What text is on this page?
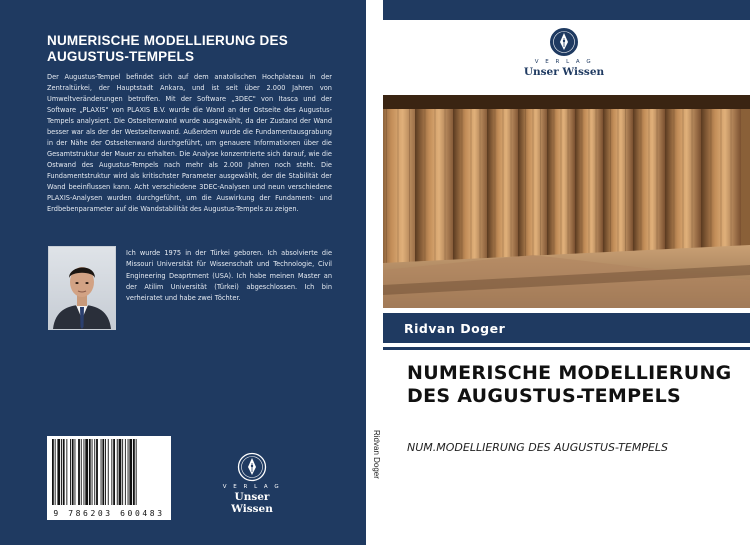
NUMERISCHE MODELLIERUNG DES AUGUSTUS-TEMPELS

Der Augustus-Tempel befindet sich auf dem anatolischen Hochplateau in der Zentraltürkei, der Hauptstadt Ankara, und ist seit über 2.000 Jahren von Umweltveränderungen betroffen. Mit der Software „3DEC" von Itasca und der Software „PLAXIS" von PLAXIS B.V. wurde die Wand an der Ostseite des Augustus-Tempels analysiert. Die Ostseitenwand wurde ausgewählt, da der Zustand der Wand besser war als der der Westseitenwand. Außerdem wurde die Fundamentausgrabung in der Nähe der Ostseitenwand durchgeführt, um genauere Informationen über die Gesamtstruktur der Mauer zu erhalten. Die Analyse konzentrierte sich darauf, wie die Ostwand des Augustus-Tempels nach mehr als 2.000 Jahren noch steht. Die Fundamentstruktur wird als kritischster Parameter ausgewählt, der die Stabilität der Wand beeinflussen kann. Acht verschiedene 3DEC-Analysen und neun verschiedene PLAXIS-Analysen wurden durchgeführt, um die Auswirkung der Fundament- und Erdbebenparameter auf die Wandstabilität des Augustus-Tempels zu zeigen.

Ich wurde 1975 in der Türkei geboren. Ich absolvierte die Missouri Universität für Wissenschaft und Technologie, Civil Engineering Deaprtment (USA). Ich habe meinen Master an der Atilim Universität (Türkei) abgeschlossen. Ich bin verheiratet und habe zwei Töchter.

9 786203 600483
V E R L A G
Unser Wissen
Ridvan Doger
V E R L A G
Unser Wissen
Ridvan Doger
NUMERISCHE MODELLIERUNG DES AUGUSTUS-TEMPELS
NUM.MODELLIERUNG DES AUGUSTUS-TEMPELS
